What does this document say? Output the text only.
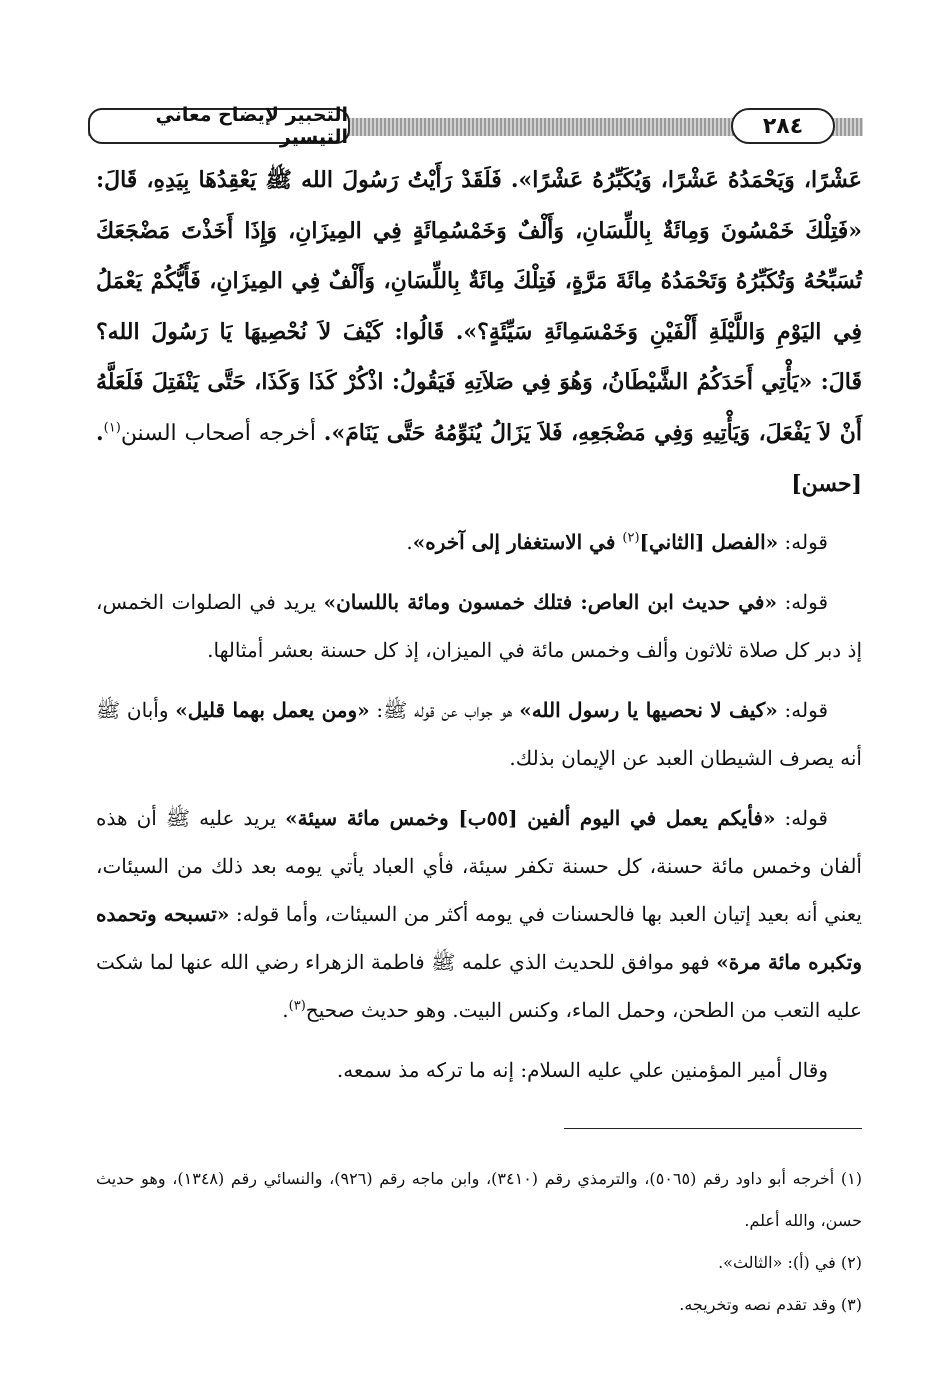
التحبير لإيضاح معاني التيسير	٢٨٤

عَشْرًا، وَيَحْمَدُهُ عَشْرًا، وَيُكَبِّرُهُ عَشْرًا». فَلَقَدْ رَأَيْتُ رَسُولَ الله ﷺ يَعْقِدُهَا بِيَدِهِ، قَالَ: «فَتِلْكَ خَمْسُونَ وَمِائَةٌ بِاللِّسَانِ، وَأَلْفٌ وَخَمْسُمِائَةٍ فِي المِيزَانِ، وَإِذَا أَخَذْتَ مَضْجَعَكَ تُسَبِّحُهُ وَتُكَبِّرُهُ وَتَحْمَدُهُ مِائَةَ مَرَّةٍ، فَتِلْكَ مِائَةٌ بِاللِّسَانِ، وَأَلْفٌ فِي المِيزَانِ، فَأَيُّكُمْ يَعْمَلُ فِي اليَوْمِ وَاللَّيْلَةِ أَلْفَيْنِ وَخَمْسَمِائَةِ سَيِّئَةٍ؟». قَالُوا: كَيْفَ لاَ نُحْصِيهَا يَا رَسُولَ الله؟ قَالَ: «يَأْتِي أَحَدَكُمُ الشَّيْطَانُ، وَهُوَ فِي صَلاَتِهِ فَيَقُولُ: اذْكُرْ كَذَا وَكَذَا، حَتَّى يَنْفَتِلَ فَلَعَلَّهُ أَنْ لاَ يَفْعَلَ، وَيَأْتِيهِ وَفِي مَضْجَعِهِ، فَلاَ يَزَالُ يُنَوِّمُهُ حَتَّى يَنَامَ». أخرجه أصحاب السنن$^{(١)}$. [حسن]

قوله: «الفصل [الثاني]$^{(٢)}$ في الاستغفار إلى آخره».

قوله: «في حديث ابن العاص: فتلك خمسون ومائة باللسان» يريد في الصلوات الخمس، إذ دبر كل صلاة ثلاثون وألف وخمس مائة في الميزان، إذ كل حسنة بعشر أمثالها.

قوله: «كيف لا نحصيها يا رسول الله» هو جواب عن قوله ﷺ: «ومن يعمل بهما قليل» وأبان ﷺ أنه يصرف الشيطان العبد عن الإيمان بذلك.

قوله: «فأيكم يعمل في اليوم ألفين [٥٥ب] وخمس مائة سيئة» يريد عليه ﷺ أن هذه ألفان وخمس مائة حسنة، كل حسنة تكفر سيئة، فأي العباد يأتي يومه بعد ذلك من السيئات، يعني أنه بعيد إتيان العبد بها فالحسنات في يومه أكثر من السيئات، وأما قوله: «تسبحه وتحمده وتكبره مائة مرة» فهو موافق للحديث الذي علمه ﷺ فاطمة الزهراء رضي الله عنها لما شكت عليه التعب من الطحن، وحمل الماء، وكنس البيت. وهو حديث صحيح$^{(٣)}$.

وقال أمير المؤمنين علي عليه السلام: إنه ما تركه مذ سمعه.

(١) أخرجه أبو داود رقم (٥٠٦٥)، والترمذي رقم (٣٤١٠)، وابن ماجه رقم (٩٢٦)، والنسائي رقم (١٣٤٨)، وهو حديث حسن، والله أعلم.

(٢) في (أ): «الثالث».

(٣) وقد تقدم نصه وتخريجه.
